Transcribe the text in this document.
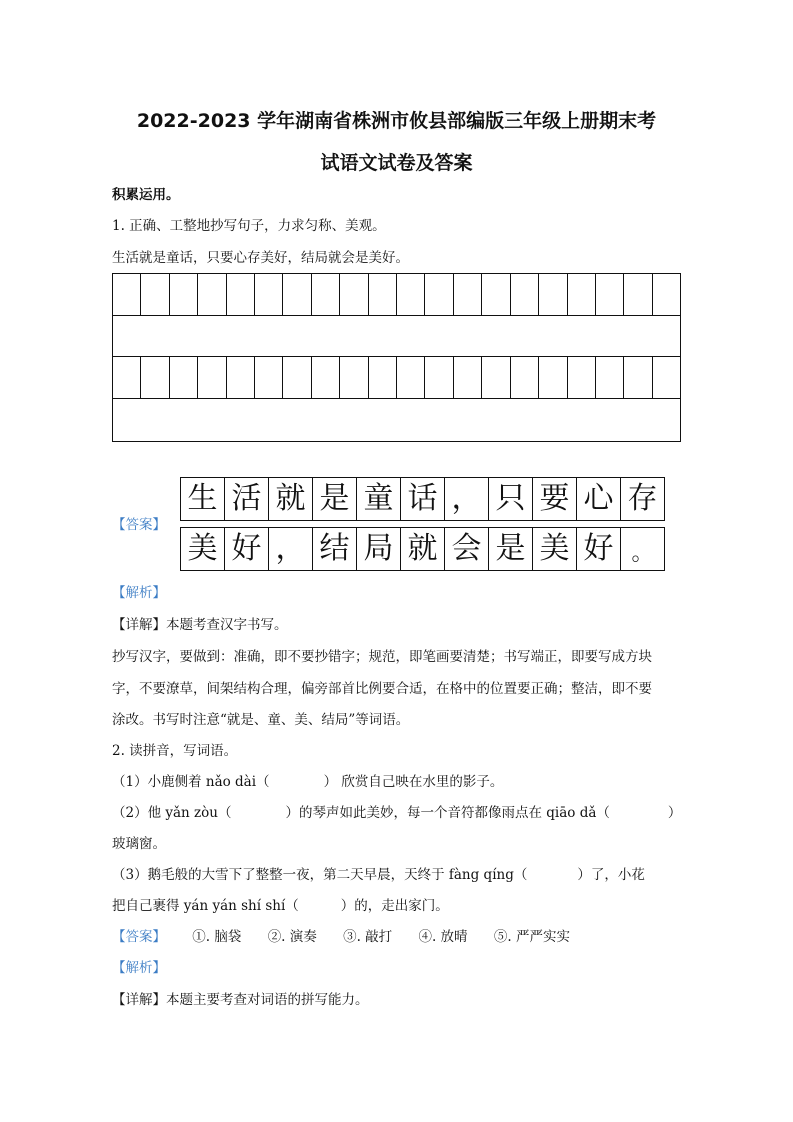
2022-2023 学年湖南省株洲市攸县部编版三年级上册期末考
试语文试卷及答案
积累运用。
1. 正确、工整地抄写句子，力求匀称、美观。
生活就是童话，只要心存美好，结局就会是美好。
【答案】
生 活 就 是 童 话 ， 只 要 心 存
美 好 ， 结 局 就 会 是 美 好 。
【解析】
【详解】本题考查汉字书写。
抄写汉字，要做到：准确，即不要抄错字；规范，即笔画要清楚；书写端正，即要写成方块
字，不要潦草，间架结构合理，偏旁部首比例要合适，在格中的位置要正确；整洁，即不要
涂改。书写时注意“就是、童、美、结局”等词语。
2. 读拼音，写词语。
（1）小鹿侧着 nǎo dài（	） 欣赏自己映在水里的影子。
（2）他 yǎn zòu（	）的琴声如此美妙，每一个音符都像雨点在 qiāo dǎ（	）
玻璃窗。
（3）鹅毛般的大雪下了整整一夜，第二天早晨，天终于 fàng qíng（	）了，小花
把自己裹得 yán yán shí shí（	）的，走出家门。
【答案】 ①. 脑袋 ②. 演奏 ③. 敲打 ④. 放晴 ⑤. 严严实实
【解析】
【详解】本题主要考查对词语的拼写能力。
